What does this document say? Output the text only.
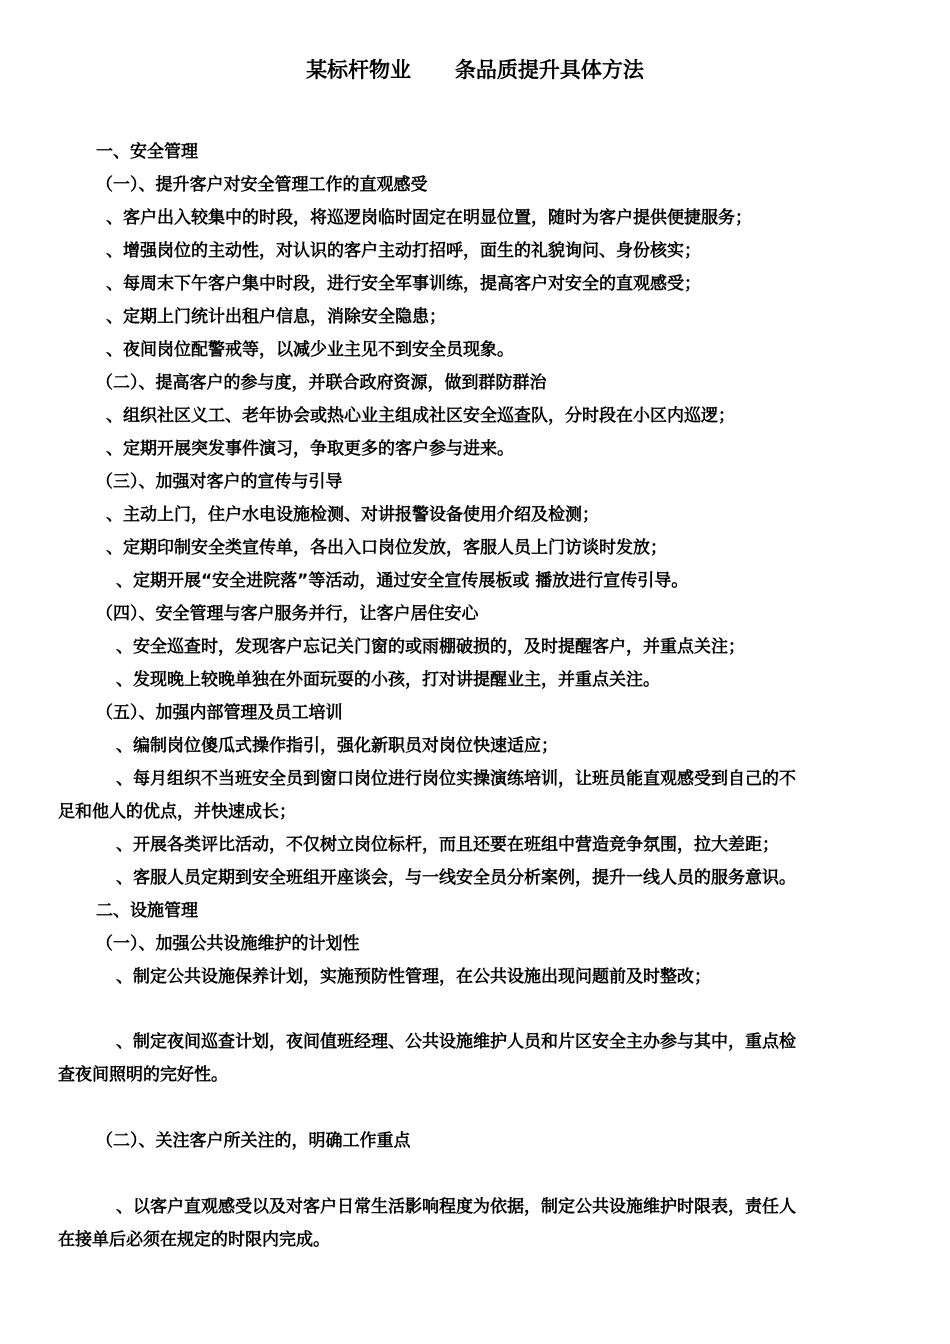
某标杆物业      条品质提升具体方法
一、安全管理
（一）、提升客户对安全管理工作的直观感受
、客户出入较集中的时段，将巡逻岗临时固定在明显位置，随时为客户提供便捷服务；
、增强岗位的主动性，对认识的客户主动打招呼，面生的礼貌询问、身份核实；
、每周末下午客户集中时段，进行安全军事训练，提高客户对安全的直观感受；
、定期上门统计出租户信息，消除安全隐患；
、夜间岗位配警戒等，以减少业主见不到安全员现象。
（二）、提高客户的参与度，并联合政府资源，做到群防群治
、组织社区义工、老年协会或热心业主组成社区安全巡查队，分时段在小区内巡逻；
、定期开展突发事件演习，争取更多的客户参与进来。
（三）、加强对客户的宣传与引导
、主动上门，住户水电设施检测、对讲报警设备使用介绍及检测；
、定期印制安全类宣传单，各出入口岗位发放，客服人员上门访谈时发放；
、定期开展“安全进院落”等活动，通过安全宣传展板或 播放进行宣传引导。
（四）、安全管理与客户服务并行，让客户居住安心
、安全巡查时，发现客户忘记关门窗的或雨棚破损的，及时提醒客户，并重点关注；
、发现晚上较晚单独在外面玩耍的小孩，打对讲提醒业主，并重点关注。
（五）、加强内部管理及员工培训
、编制岗位傻瓜式操作指引，强化新职员对岗位快速适应；
、每月组织不当班安全员到窗口岗位进行岗位实操演练培训，让班员能直观感受到自己的不
足和他人的优点，并快速成长；
、开展各类评比活动，不仅树立岗位标杆，而且还要在班组中营造竞争氛围，拉大差距；
、客服人员定期到安全班组开座谈会，与一线安全员分析案例，提升一线人员的服务意识。
二、设施管理
（一）、加强公共设施维护的计划性
、制定公共设施保养计划，实施预防性管理，在公共设施出现问题前及时整改；
、制定夜间巡查计划，夜间值班经理、公共设施维护人员和片区安全主办参与其中，重点检
查夜间照明的完好性。
（二）、关注客户所关注的，明确工作重点
、以客户直观感受以及对客户日常生活影响程度为依据，制定公共设施维护时限表，责任人
在接单后必须在规定的时限内完成。
